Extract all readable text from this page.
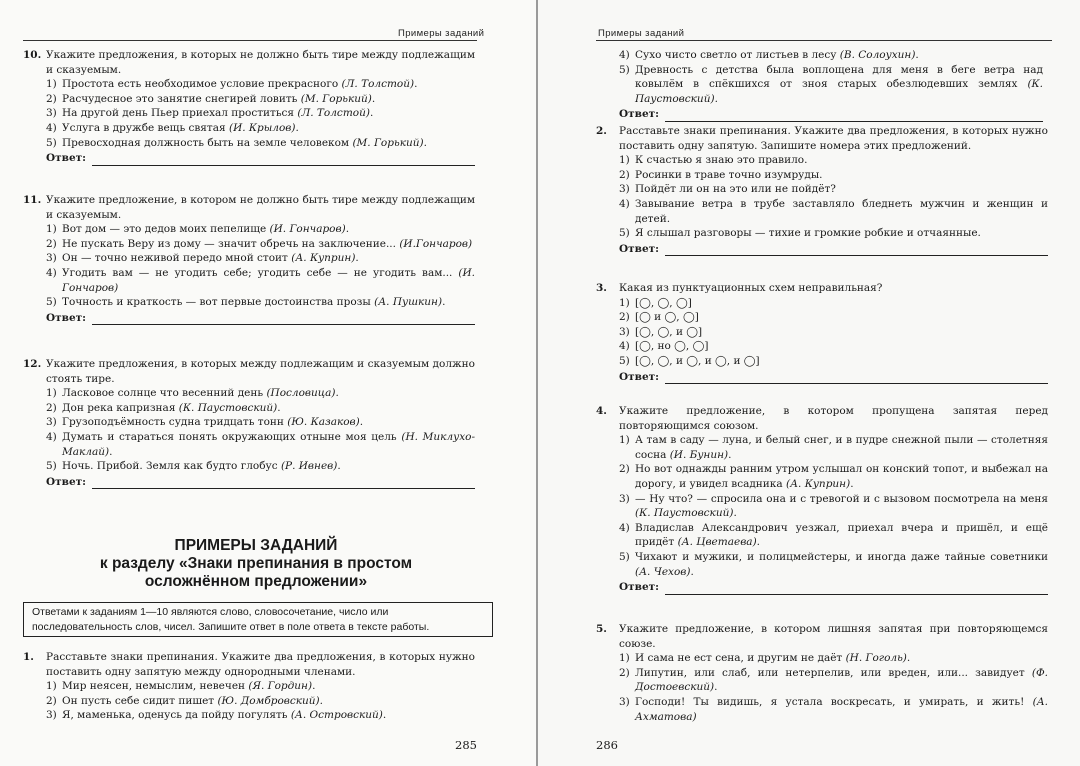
Примеры заданий
10. Укажите предложения, в которых не должно быть тире между подлежащим и сказуемым.
1) Простота есть необходимое условие прекрасного (Л. Толстой).
2) Расчудесное это занятие снегирей ловить (М. Горький).
3) На другой день Пьер приехал проститься (Л. Толстой).
4) Услуга в дружбе вещь святая (И. Крылов).
5) Превосходная должность быть на земле человеком (М. Горький).
Ответ:
11. Укажите предложение, в котором не должно быть тире между подлежащим и сказуемым.
1) Вот дом — это дедов моих пепелище (И. Гончаров).
2) Не пускать Веру из дому — значит обречь на заключение... (И.Гончаров)
3) Он — точно неживой передо мной стоит (А. Куприн).
4) Угодить вам — не угодить себе; угодить себе — не угодить вам... (И. Гончаров)
5) Точность и краткость — вот первые достоинства прозы (А. Пушкин).
Ответ:
12. Укажите предложения, в которых между подлежащим и сказуемым должно стоять тире.
1) Ласковое солнце что весенний день (Пословица).
2) Дон река капризная (К. Паустовский).
3) Грузоподъёмность судна тридцать тонн (Ю. Казаков).
4) Думать и стараться понять окружающих отныне моя цель (Н. Миклухо-Маклай).
5) Ночь. Прибой. Земля как будто глобус (Р. Ивнев).
Ответ:
ПРИМЕРЫ ЗАДАНИЙ
к разделу «Знаки препинания в простом
осложнённом предложении»
Ответами к заданиям 1—10 являются слово, словосочетание, число или последовательность слов, чисел. Запишите ответ в поле ответа в тексте работы.
1.	Расставьте знаки препинания. Укажите два предложения, в которых нужно поставить одну запятую между однородными членами.
1) Мир неясен, немыслим, невечен (Я. Гордин).
2) Он пусть себе сидит пишет (Ю. Домбровский).
3) Я, маменька, оденусь да пойду погулять (А. Островский).
285
Примеры заданий
4) Сухо чисто светло от листьев в лесу (В. Солоухин).
5) Древность с детства была воплощена для меня в беге ветра над ковылём в спёкшихся от зноя старых обезлюдевших землях (К. Паустовский).
Ответ:
2.	Расставьте знаки препинания. Укажите два предложения, в которых нужно поставить одну запятую. Запишите номера этих предложений.
1) К счастью я знаю это правило.
2) Росинки в траве точно изумруды.
3) Пойдёт ли он на это или не пойдёт?
4) Завывание ветра в трубе заставляло бледнеть мужчин и женщин и детей.
5) Я слышал разговоры — тихие и громкие робкие и отчаянные.
Ответ:
3.	Какая из пунктуационных схем неправильная?
1) [◯, ◯, ◯]
2) [◯ и ◯, ◯]
3) [◯, ◯, и ◯]
4) [◯, но ◯, ◯]
5) [◯, ◯, и ◯, и ◯, и ◯]
Ответ:
4.	Укажите предложение, в котором пропущена запятая перед повторяющимся союзом.
1) А там в саду — луна, и белый снег, и в пудре снежной пыли — столетняя сосна (И. Бунин).
2) Но вот однажды ранним утром услышал он конский топот, и выбежал на дорогу, и увидел всадника (А. Куприн).
3) — Ну что? — спросила она и с тревогой и с вызовом посмотрела на меня (К. Паустовский).
4) Владислав Александрович уезжал, приехал вчера и пришёл, и ещё придёт (А. Цветаева).
5) Чихают и мужики, и полицмейстеры, и иногда даже тайные советники (А. Чехов).
Ответ:
5.	Укажите предложение, в котором лишняя запятая при повторяющемся союзе.
1) И сама не ест сена, и другим не даёт (Н. Гоголь).
2) Липутин, или слаб, или нетерпелив, или вреден, или... завидует (Ф. Достоевский).
3) Господи! Ты видишь, я устала воскресать, и умирать, и жить! (А. Ахматова)
286
